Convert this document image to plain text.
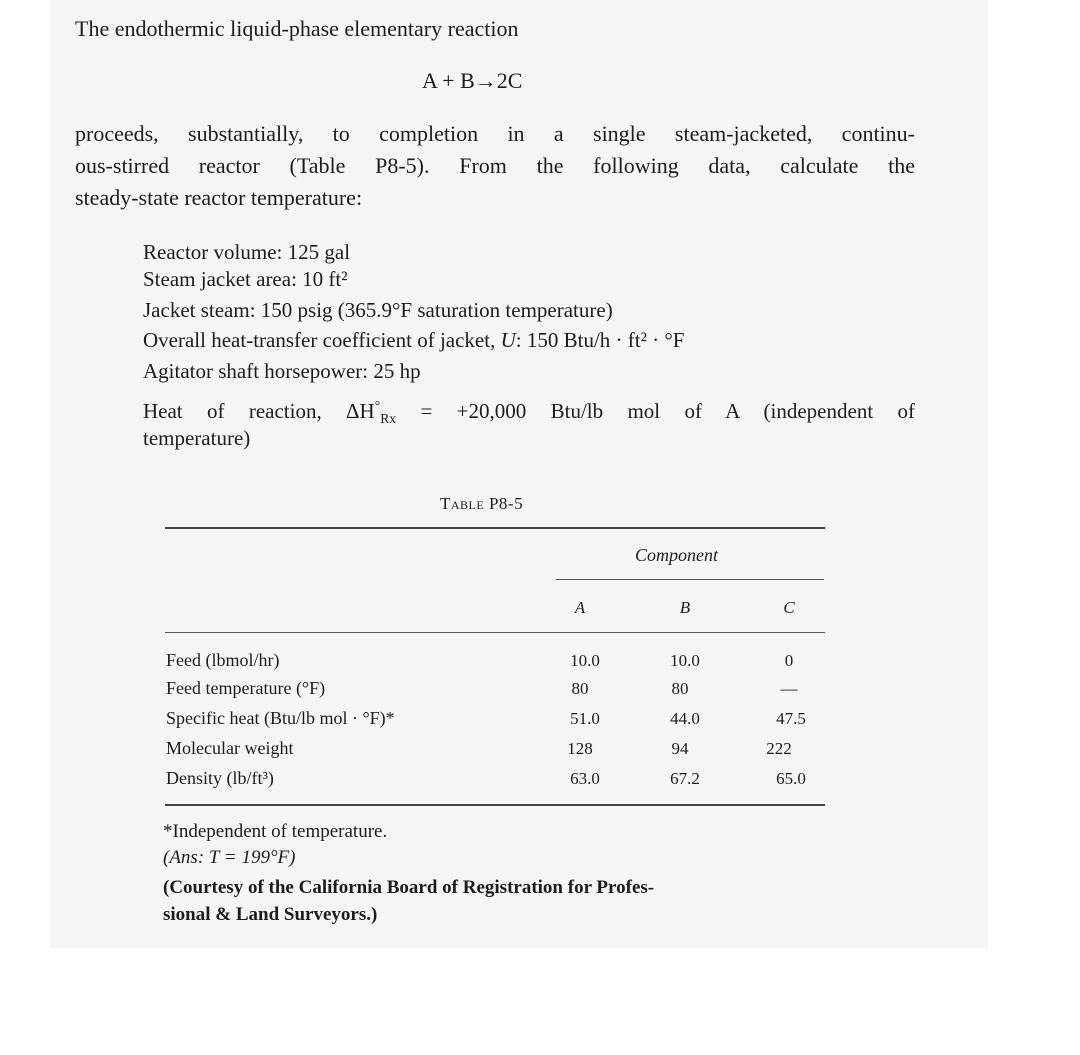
The endothermic liquid-phase elementary reaction
A + B→2C
proceeds, substantially, to completion in a single steam-jacketed, continu-
ous-stirred reactor (Table P8-5). From the following data, calculate the
steady-state reactor temperature:
Reactor volume: 125 gal
Steam jacket area: 10 ft²
Jacket steam: 150 psig (365.9°F saturation temperature)
Overall heat-transfer coefficient of jacket, U: 150 Btu/h · ft² · °F
Agitator shaft horsepower: 25 hp
Heat of reaction, $\Delta H^\circ_{Rx} = +20,000$ Btu/lb mol of A (independent of
temperature)
Table P8-5
Component
A	B	C
Feed (lbmol/hr)	10.0	10.0	0
Feed temperature (°F)	80	80	—
Specific heat (Btu/lb mol · °F)*	51.0	44.0	47.5
Molecular weight	128	94	222
Density (lb/ft³)	63.0	67.2	65.0
*Independent of temperature.
(Ans: T = 199°F)
(Courtesy of the California Board of Registration for Profes-
sional & Land Surveyors.)
